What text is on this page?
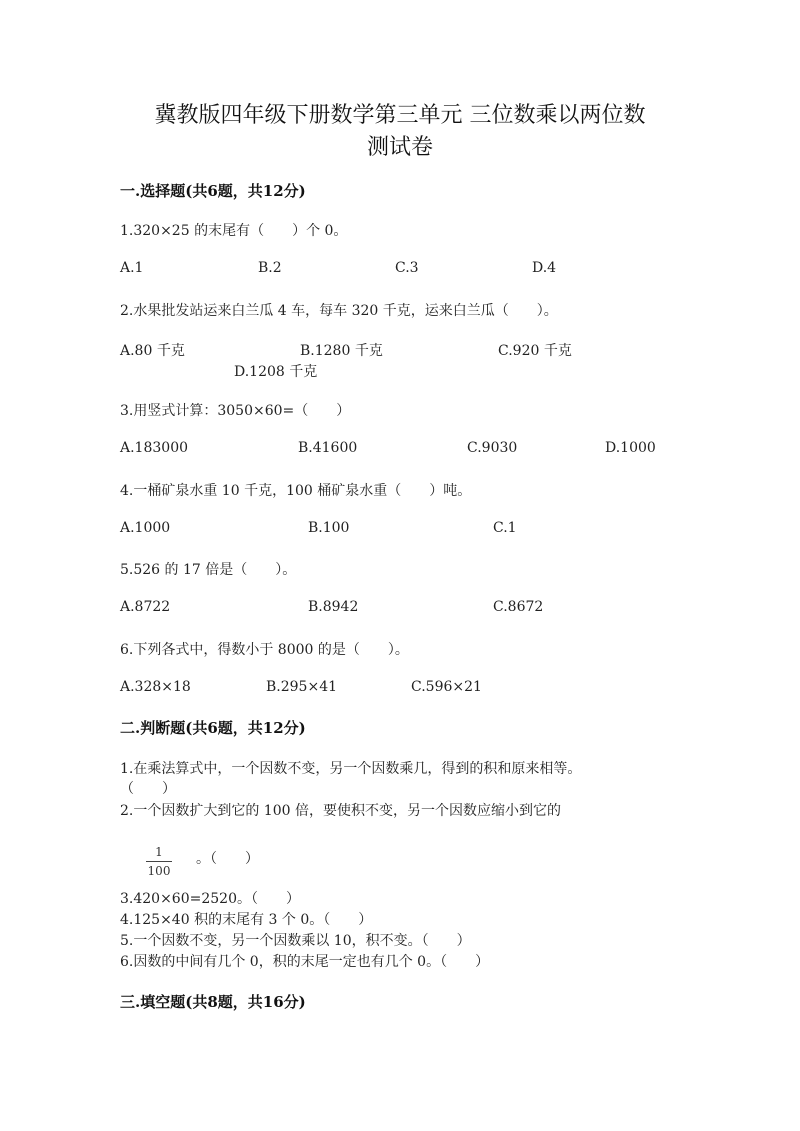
冀教版四年级下册数学第三单元 三位数乘以两位数
测试卷
一.选择题(共6题，共12分)
1.320×25 的末尾有（　　）个 0。
A.1	B.2	C.3	D.4
2.水果批发站运来白兰瓜 4 车，每车 320 千克，运来白兰瓜（　　）。
A.80 千克	B.1280 千克	C.920 千克
D.1208 千克
3.用竖式计算：3050×60=（　　）
A.183000	B.41600	C.9030	D.1000
4.一桶矿泉水重 10 千克，100 桶矿泉水重（　　）吨。
A.1000	B.100	C.1
5.526 的 17 倍是（　　）。
A.8722	B.8942	C.8672
6.下列各式中，得数小于 8000 的是（　　）。
A.328×18	B.295×41	C.596×21
二.判断题(共6题，共12分)
1.在乘法算式中，一个因数不变，另一个因数乘几，得到的积和原来相等。
（　　）
2.一个因数扩大到它的 100 倍，要使积不变，另一个因数应缩小到它的
1
100
。（　　）
3.420×60=2520。（　　）
4.125×40 积的末尾有 3 个 0。（　　）
5.一个因数不变，另一个因数乘以 10，积不变。（　　）
6.因数的中间有几个 0，积的末尾一定也有几个 0。（　　）
三.填空题(共8题，共16分)
